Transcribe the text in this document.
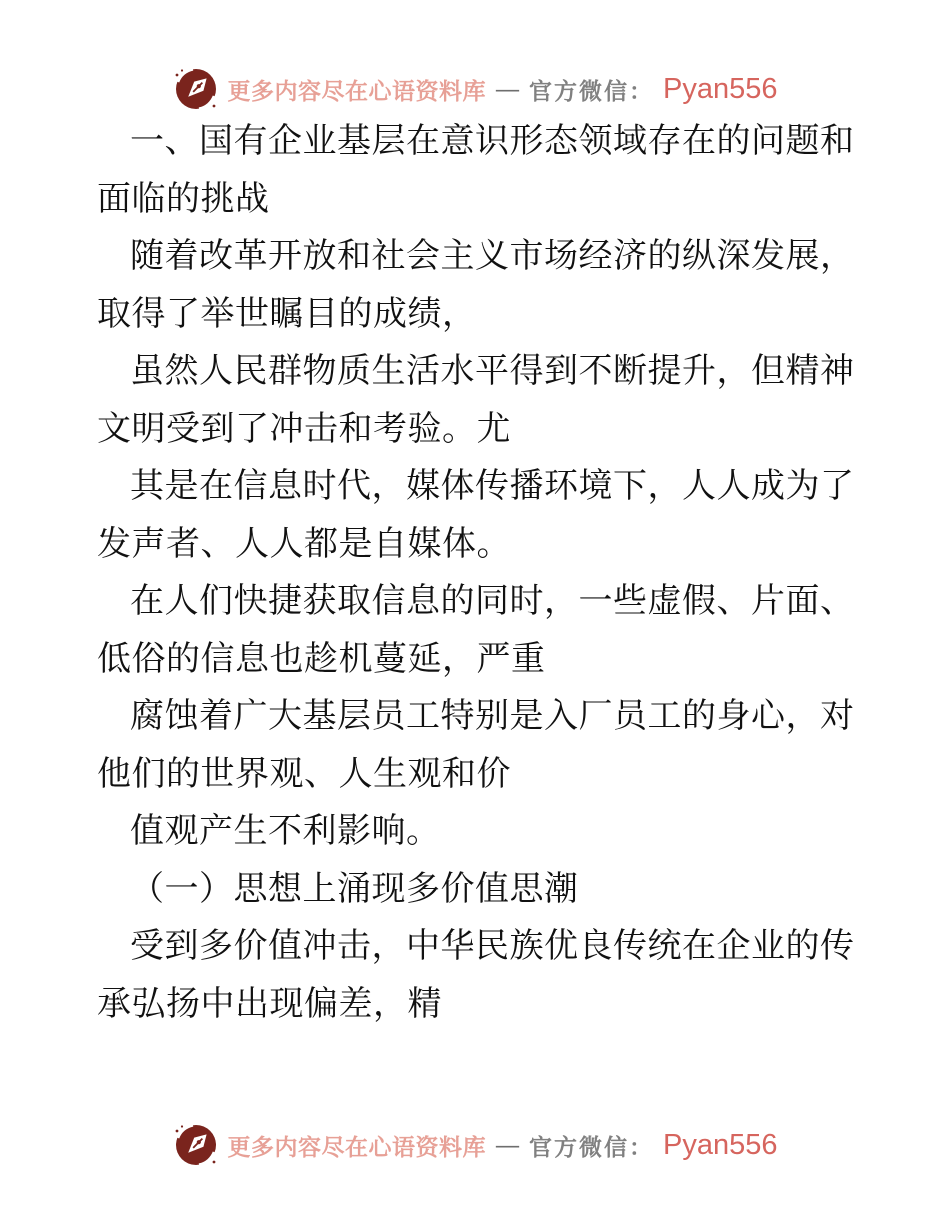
更多内容尽在心语资料库 — 官方微信： Pyan556
一、国有企业基层在意识形态领域存在的问题和
面临的挑战
随着改革开放和社会主义市场经济的纵深发展，
取得了举世瞩目的成绩，
虽然人民群物质生活水平得到不断提升，但精神
文明受到了冲击和考验。尤
其是在信息时代，媒体传播环境下，人人成为了
发声者、人人都是自媒体。
在人们快捷获取信息的同时，一些虚假、片面、
低俗的信息也趁机蔓延，严重
腐蚀着广大基层员工特别是入厂员工的身心，对
他们的世界观、人生观和价
值观产生不利影响。
（一）思想上涌现多价值思潮
受到多价值冲击，中华民族优良传统在企业的传
承弘扬中出现偏差，精
更多内容尽在心语资料库 — 官方微信： Pyan556
